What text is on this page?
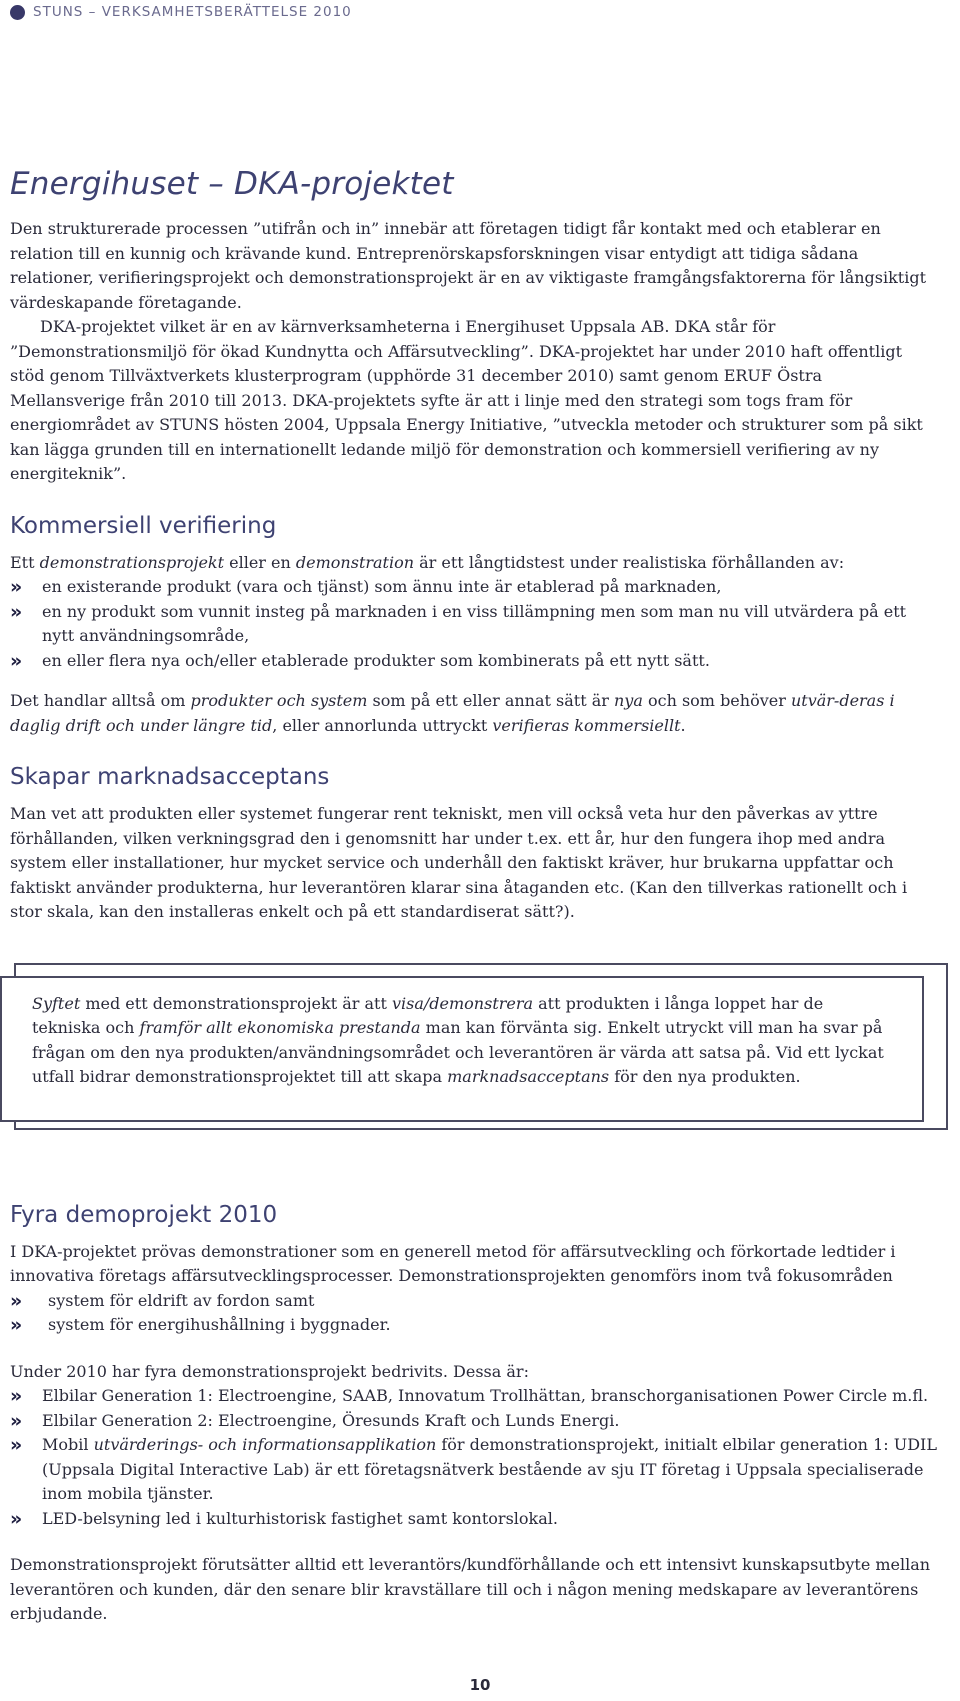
STUNS – VERKSAMHETSBERÄTTELSE 2010
Energihuset – DKA-projektet

Den strukturerade processen ”utifrån och in” innebär att företagen tidigt får kontakt med och etablerar en relation till en kunnig och krävande kund. Entreprenörskapsforskningen visar entydigt att tidiga sådana relationer, verifieringsprojekt och demonstrationsprojekt är en av viktigaste framgångsfaktorerna för långsiktigt värdeskapande företagande.

DKA-projektet vilket är en av kärnverksamheterna i Energihuset Uppsala AB. DKA står för ”Demonstrationsmiljö för ökad Kundnytta och Affärsutveckling”. DKA-projektet har under 2010 haft offentligt stöd genom Tillväxtverkets klusterprogram (upphörde 31 december 2010) samt genom ERUF Östra Mellansverige från 2010 till 2013. DKA-projektets syfte är att i linje med den strategi som togs fram för energiområdet av STUNS hösten 2004, Uppsala Energy Initiative, ”utveckla metoder och strukturer som på sikt kan lägga grunden till en internationellt ledande miljö för demonstration och kommersiell verifiering av ny energiteknik”.

Kommersiell verifiering

Ett demonstrationsprojekt eller en demonstration är ett långtidstest under realistiska förhållanden av:

» en existerande produkt (vara och tjänst) som ännu inte är etablerad på marknaden,
» en ny produkt som vunnit insteg på marknaden i en viss tillämpning men som man nu vill utvärdera på ett nytt användningsområde,
» en eller flera nya och/eller etablerade produkter som kombinerats på ett nytt sätt.

Det handlar alltså om produkter och system som på ett eller annat sätt är nya och som behöver utvär-deras i daglig drift och under längre tid, eller annorlunda uttryckt verifieras kommersiellt.

Skapar marknadsacceptans

Man vet att produkten eller systemet fungerar rent tekniskt, men vill också veta hur den påverkas av yttre förhållanden, vilken verkningsgrad den i genomsnitt har under t.ex. ett år, hur den fungera ihop med andra system eller installationer, hur mycket service och underhåll den faktiskt kräver, hur brukarna uppfattar och faktiskt använder produkterna, hur leverantören klarar sina åtaganden etc. (Kan den tillverkas rationellt och i stor skala, kan den installeras enkelt och på ett standardiserat sätt?).

Syftet med ett demonstrationsprojekt är att visa/demonstrera att produkten i långa loppet har de tekniska och framför allt ekonomiska prestanda man kan förvänta sig. Enkelt utryckt vill man ha svar på frågan om den nya produkten/användningsområdet och leverantören är värda att satsa på. Vid ett lyckat utfall bidrar demonstrationsprojektet till att skapa marknadsacceptans för den nya produkten.

Fyra demoprojekt 2010

I DKA-projektet prövas demonstrationer som en generell metod för affärsutveckling och förkortade ledtider i innovativa företags affärsutvecklingsprocesser. Demonstrationsprojekten genomförs inom två fokusområden

» system för eldrift av fordon samt
» system för energihushållning i byggnader.

Under 2010 har fyra demonstrationsprojekt bedrivits. Dessa är:

» Elbilar Generation 1: Electroengine, SAAB, Innovatum Trollhättan, branschorganisationen Power Circle m.fl.
» Elbilar Generation 2: Electroengine, Öresunds Kraft och Lunds Energi.
» Mobil utvärderings- och informationsapplikation för demonstrationsprojekt, initialt elbilar generation 1: UDIL (Uppsala Digital Interactive Lab) är ett företagsnätverk bestående av sju IT företag i Uppsala specialiserade inom mobila tjänster.
» LED-belsyning led i kulturhistorisk fastighet samt kontorslokal.

Demonstrationsprojekt förutsätter alltid ett leverantörs/kundförhållande och ett intensivt kunskapsutbyte mellan leverantören och kunden, där den senare blir kravställare till och i någon mening medskapare av leverantörens erbjudande.

10
